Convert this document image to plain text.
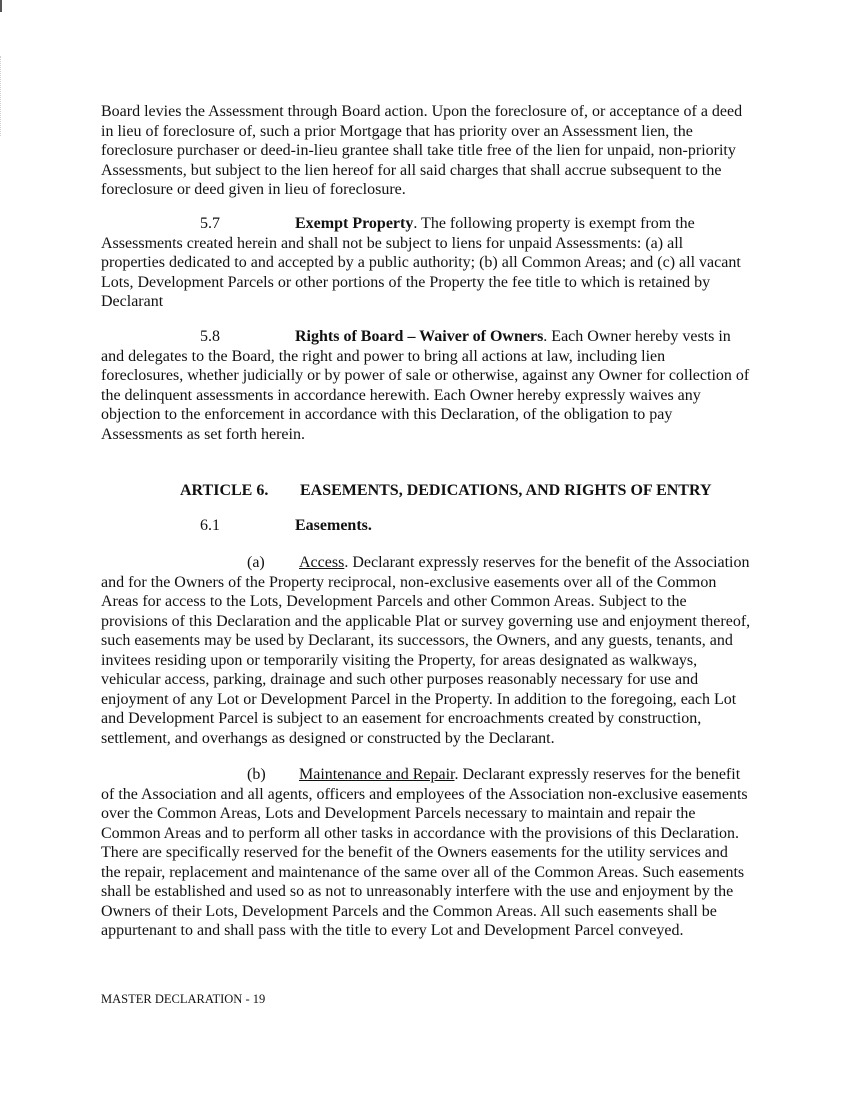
Board levies the Assessment through Board action. Upon the foreclosure of, or acceptance of a deed in lieu of foreclosure of, such a prior Mortgage that has priority over an Assessment lien, the foreclosure purchaser or deed-in-lieu grantee shall take title free of the lien for unpaid, non-priority Assessments, but subject to the lien hereof for all said charges that shall accrue subsequent to the foreclosure or deed given in lieu of foreclosure.

5.7	Exempt Property. The following property is exempt from the Assessments created herein and shall not be subject to liens for unpaid Assessments: (a) all properties dedicated to and accepted by a public authority; (b) all Common Areas; and (c) all vacant Lots, Development Parcels or other portions of the Property the fee title to which is retained by Declarant

5.8	Rights of Board – Waiver of Owners. Each Owner hereby vests in and delegates to the Board, the right and power to bring all actions at law, including lien foreclosures, whether judicially or by power of sale or otherwise, against any Owner for collection of the delinquent assessments in accordance herewith. Each Owner hereby expressly waives any objection to the enforcement in accordance with this Declaration, of the obligation to pay Assessments as set forth herein.

ARTICLE 6. EASEMENTS, DEDICATIONS, AND RIGHTS OF ENTRY
6.1	Easements.

(a) Access. Declarant expressly reserves for the benefit of the Association and for the Owners of the Property reciprocal, non-exclusive easements over all of the Common Areas for access to the Lots, Development Parcels and other Common Areas. Subject to the provisions of this Declaration and the applicable Plat or survey governing use and enjoyment thereof, such easements may be used by Declarant, its successors, the Owners, and any guests, tenants, and invitees residing upon or temporarily visiting the Property, for areas designated as walkways, vehicular access, parking, drainage and such other purposes reasonably necessary for use and enjoyment of any Lot or Development Parcel in the Property. In addition to the foregoing, each Lot and Development Parcel is subject to an easement for encroachments created by construction, settlement, and overhangs as designed or constructed by the Declarant.

(b) Maintenance and Repair. Declarant expressly reserves for the benefit of the Association and all agents, officers and employees of the Association non-exclusive easements over the Common Areas, Lots and Development Parcels necessary to maintain and repair the Common Areas and to perform all other tasks in accordance with the provisions of this Declaration. There are specifically reserved for the benefit of the Owners easements for the utility services and the repair, replacement and maintenance of the same over all of the Common Areas. Such easements shall be established and used so as not to unreasonably interfere with the use and enjoyment by the Owners of their Lots, Development Parcels and the Common Areas. All such easements shall be appurtenant to and shall pass with the title to every Lot and Development Parcel conveyed.

MASTER DECLARATION - 19
